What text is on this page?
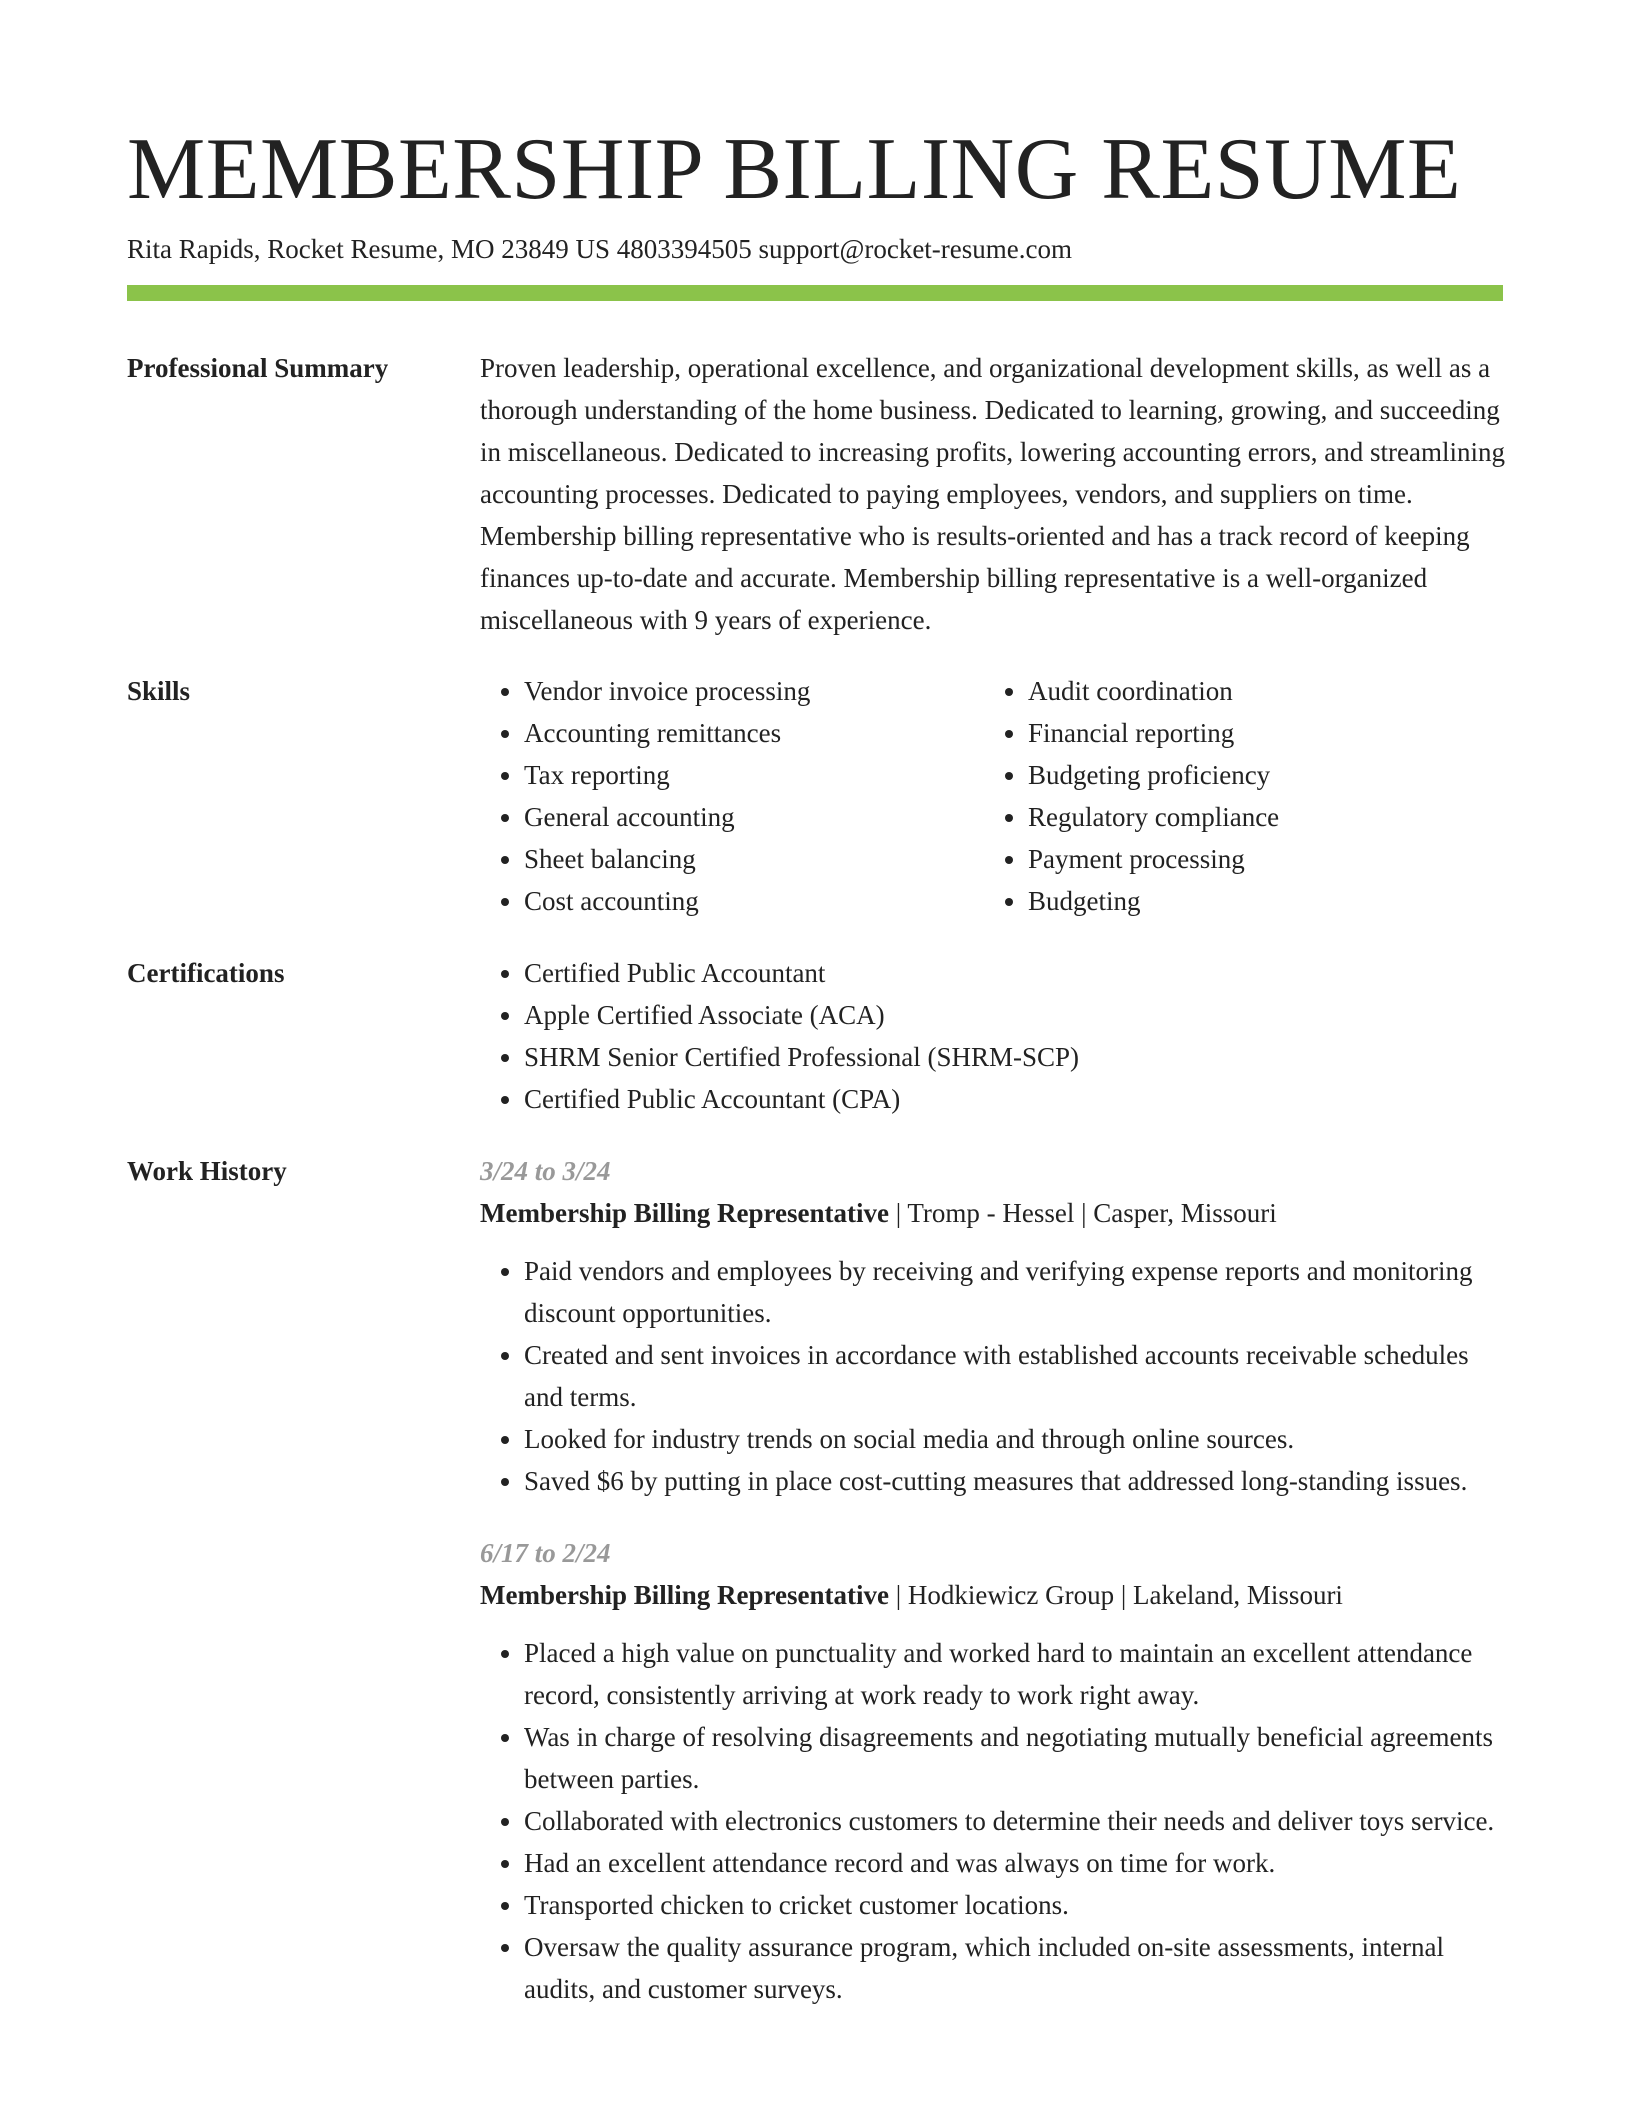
MEMBERSHIP BILLING RESUME
Rita Rapids, Rocket Resume, MO 23849 US 4803394505 support@rocket-resume.com
Professional Summary	Proven leadership, operational excellence, and organizational development skills, as well as a thorough understanding of the home business. Dedicated to learning, growing, and succeeding in miscellaneous. Dedicated to increasing profits, lowering accounting errors, and streamlining accounting processes. Dedicated to paying employees, vendors, and suppliers on time. Membership billing representative who is results-oriented and has a track record of keeping finances up-to-date and accurate. Membership billing representative is a well-organized miscellaneous with 9 years of experience.

Skills	• Vendor invoice processing
• Accounting remittances
• Tax reporting
• General accounting
• Sheet balancing
• Cost accounting
• Audit coordination
• Financial reporting
• Budgeting proficiency
• Regulatory compliance
• Payment processing
• Budgeting
Certifications	• Certified Public Accountant
• Apple Certified Associate (ACA)
• SHRM Senior Certified Professional (SHRM-SCP)
• Certified Public Accountant (CPA)
Work History	3/24 to 3/24
Membership Billing Representative | Tromp - Hessel | Casper, Missouri
• Paid vendors and employees by receiving and verifying expense reports and monitoring discount opportunities.
• Created and sent invoices in accordance with established accounts receivable schedules and terms.
• Looked for industry trends on social media and through online sources.
• Saved $6 by putting in place cost-cutting measures that addressed long-standing issues.
6/17 to 2/24
Membership Billing Representative | Hodkiewicz Group | Lakeland, Missouri
• Placed a high value on punctuality and worked hard to maintain an excellent attendance record, consistently arriving at work ready to work right away.
• Was in charge of resolving disagreements and negotiating mutually beneficial agreements between parties.
• Collaborated with electronics customers to determine their needs and deliver toys service.
• Had an excellent attendance record and was always on time for work.
• Transported chicken to cricket customer locations.
• Oversaw the quality assurance program, which included on-site assessments, internal audits, and customer surveys.
